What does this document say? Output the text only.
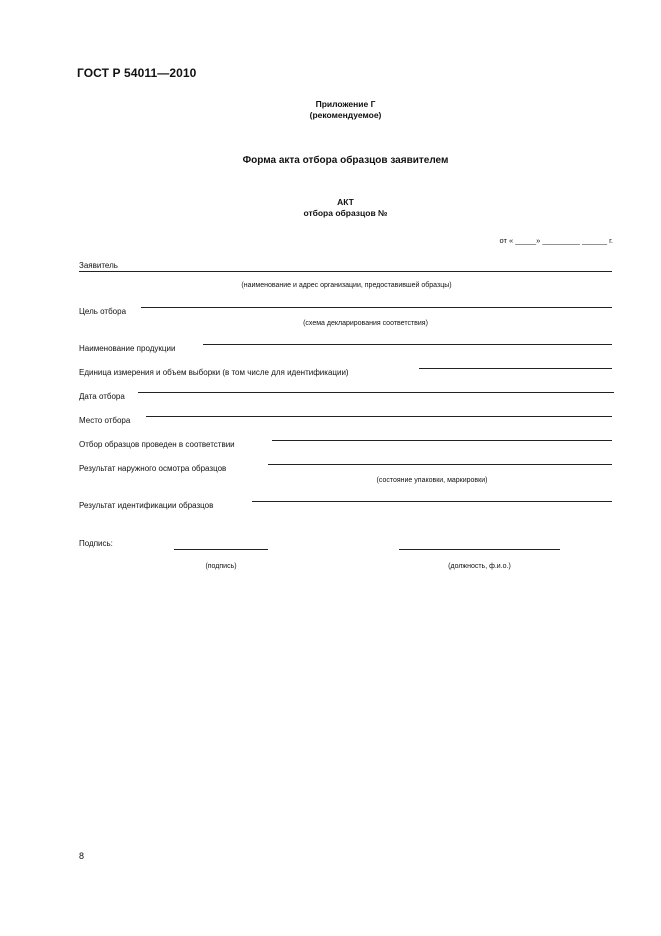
ГОСТ Р 54011—2010
Приложение Г
(рекомендуемое)
Форма акта отбора образцов заявителем
АКТ
отбора образцов №
от « _____» _________ ______ г.
Заявитель
(наименование и адрес организации, предоставившей образцы)
Цель отбора
(схема декларирования соответствия)
Наименование продукции
Единица измерения и объем выборки (в том числе для идентификации)
Дата отбора
Место отбора
Отбор образцов проведен в соответствии
Результат наружного осмотра образцов
(состояние упаковки, маркировки)
Результат идентификации образцов
Подпись:
(подпись)	(должность, ф.и.о.)
8
